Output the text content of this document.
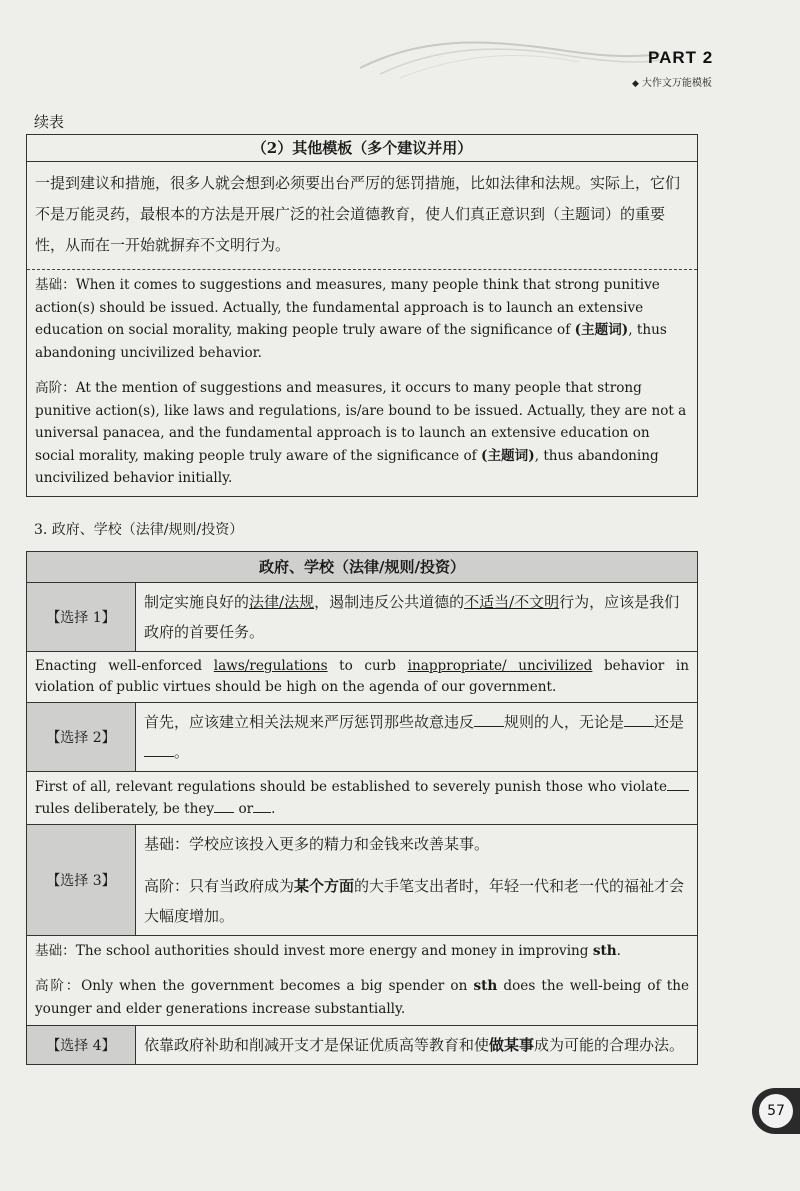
PART 2
◆ 大作文万能模板
续表
（2）其他模板（多个建议并用）
一提到建议和措施，很多人就会想到必须要出台严厉的惩罚措施，比如法律和法规。实际上，它们不是万能灵药，最根本的方法是开展广泛的社会道德教育，使人们真正意识到（主题词）的重要性，从而在一开始就摒弃不文明行为。

基础：When it comes to suggestions and measures, many people think that strong punitive action(s) should be issued. Actually, the fundamental approach is to launch an extensive education on social morality, making people truly aware of the significance of (主题词), thus abandoning uncivilized behavior.

高阶：At the mention of suggestions and measures, it occurs to many people that strong punitive action(s), like laws and regulations, is/are bound to be issued. Actually, they are not a universal panacea, and the fundamental approach is to launch an extensive education on social morality, making people truly aware of the significance of (主题词), thus abandoning uncivilized behavior initially.

3. 政府、学校（法律/规则/投资）
政府、学校（法律/规则/投资）
【选择 1】
制定实施良好的法律/法规，遏制违反公共道德的不适当/不文明行为，应该是我们政府的首要任务。
Enacting well-enforced laws/regulations to curb inappropriate/ uncivilized behavior in violation of public virtues should be high on the agenda of our government.
【选择 2】
首先，应该建立相关法规来严厉惩罚那些故意违反 规则的人，无论是 还是。
First of all, relevant regulations should be established to severely punish those who violaterules deliberately, be they or .
【选择 3】
基础：学校应该投入更多的精力和金钱来改善某事。
高阶：只有当政府成为某个方面的大手笔支出者时，年轻一代和老一代的福祉才会大幅度增加。
基础：The school authorities should invest more energy and money in improving sth.
高阶：Only when the government becomes a big spender on sth does the well-being of the younger and elder generations increase substantially.
【选择 4】	依靠政府补助和削减开支才是保证优质高等教育和使做某事成为可能的合理办法。
57
